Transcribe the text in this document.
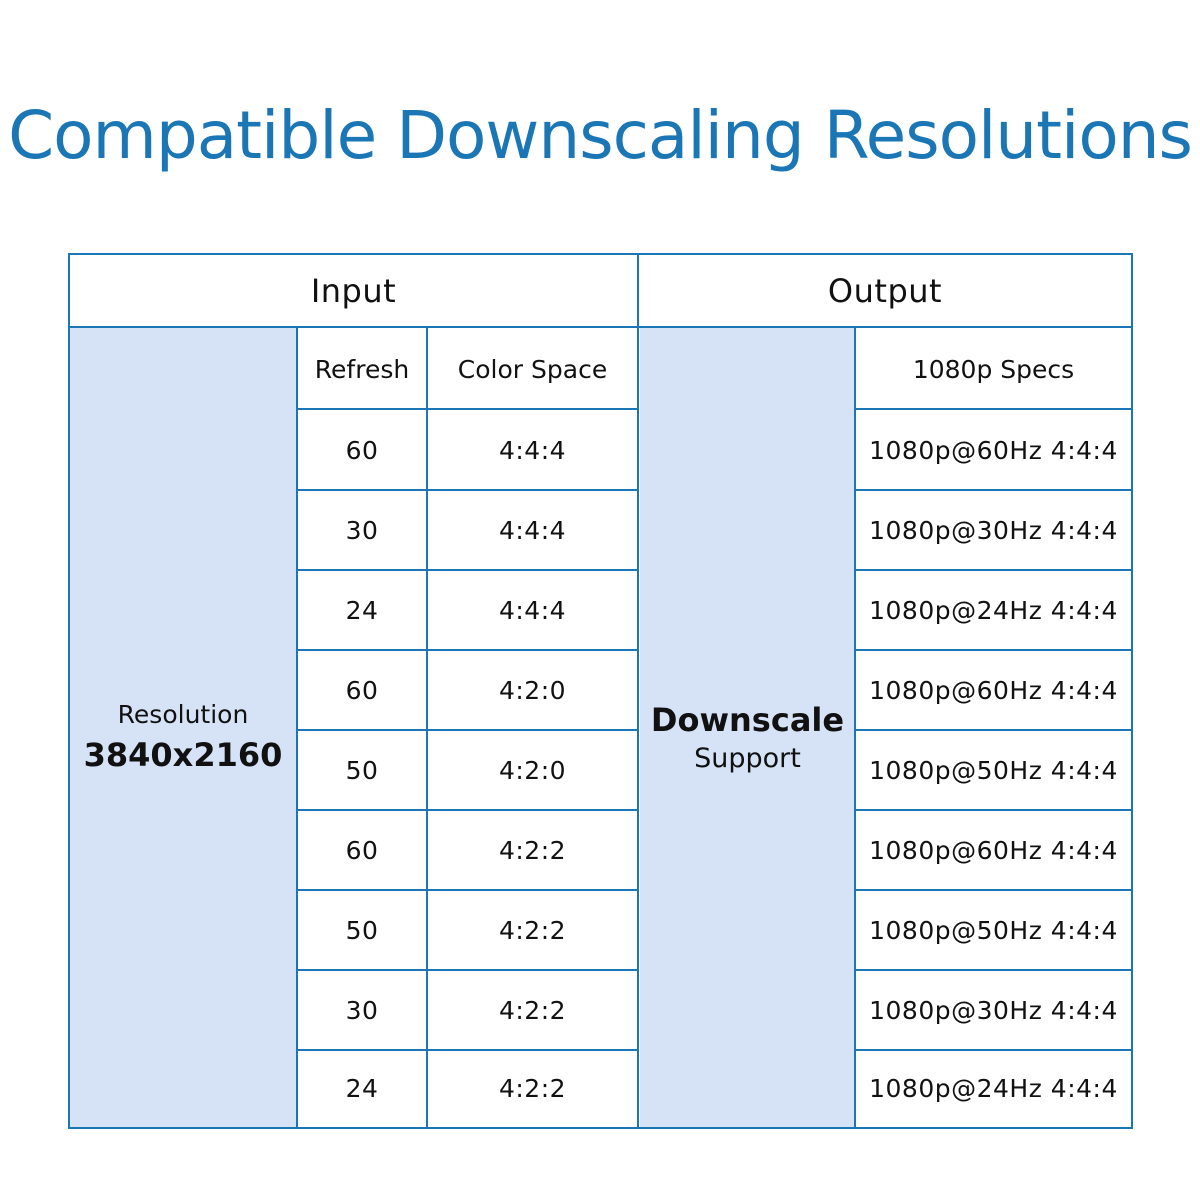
Compatible Downscaling Resolutions
Input	Output
Refresh	Color Space	1080p Specs
Resolution
3840x2160
Downscale
Support
60	4:4:4	1080p@60Hz 4:4:4
30	4:4:4	1080p@30Hz 4:4:4
24	4:4:4	1080p@24Hz 4:4:4
60	4:2:0	1080p@60Hz 4:4:4
50	4:2:0	1080p@50Hz 4:4:4
60	4:2:2	1080p@60Hz 4:4:4
50	4:2:2	1080p@50Hz 4:4:4
30	4:2:2	1080p@30Hz 4:4:4
24	4:2:2	1080p@24Hz 4:4:4
